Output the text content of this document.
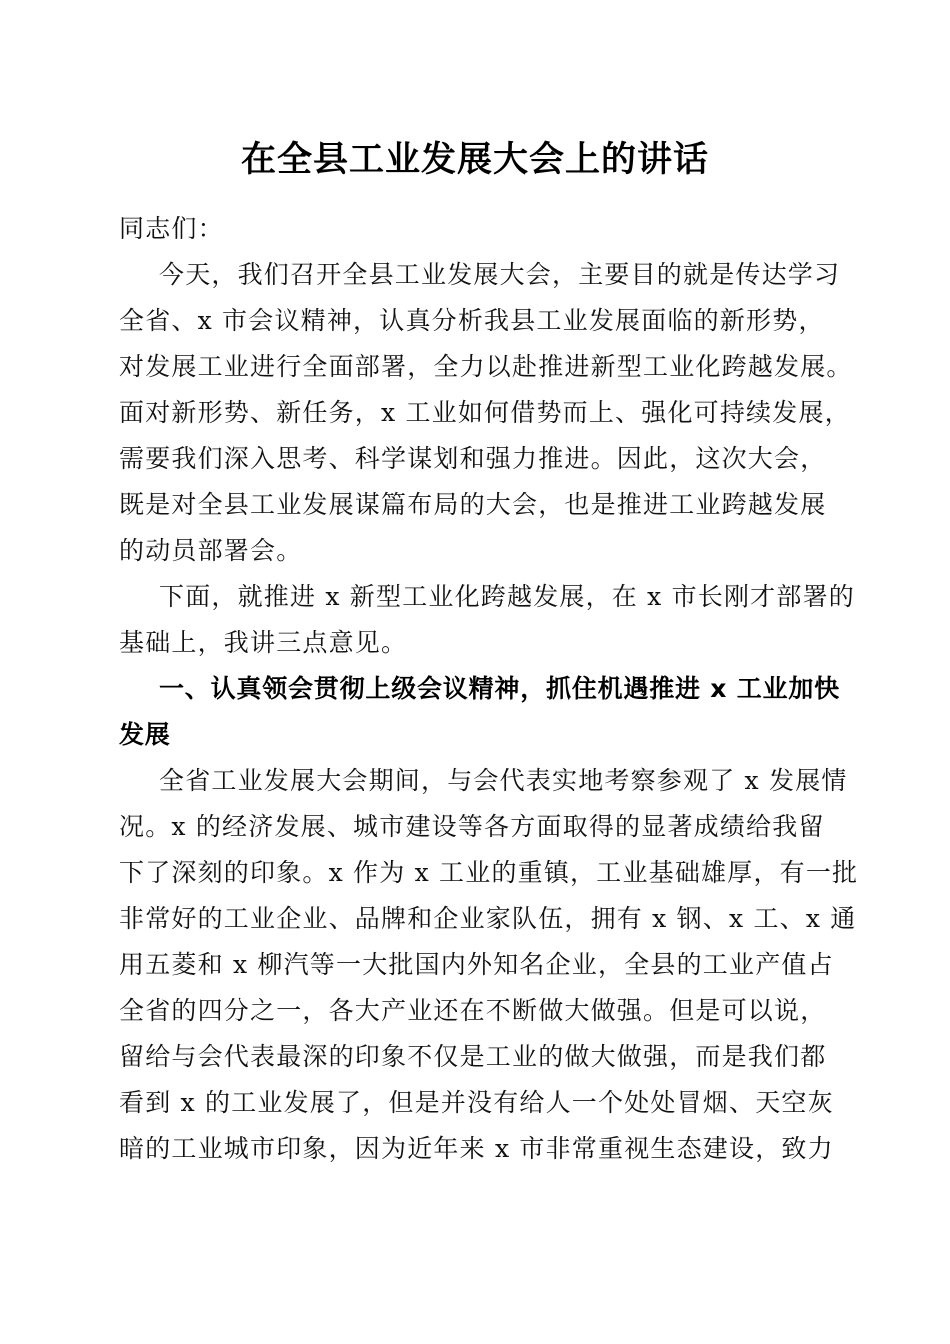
在全县工业发展大会上的讲话
同志们：
今天，我们召开全县工业发展大会，主要目的就是传达学习
全省、x 市会议精神，认真分析我县工业发展面临的新形势，
对发展工业进行全面部署，全力以赴推进新型工业化跨越发展。
面对新形势、新任务，x 工业如何借势而上、强化可持续发展，
需要我们深入思考、科学谋划和强力推进。因此，这次大会，
既是对全县工业发展谋篇布局的大会，也是推进工业跨越发展
的动员部署会。
下面，就推进 x 新型工业化跨越发展，在 x 市长刚才部署的
基础上，我讲三点意见。
一、认真领会贯彻上级会议精神，抓住机遇推进 x 工业加快
发展
全省工业发展大会期间，与会代表实地考察参观了 x 发展情
况。x 的经济发展、城市建设等各方面取得的显著成绩给我留
下了深刻的印象。x 作为 x 工业的重镇，工业基础雄厚，有一批
非常好的工业企业、品牌和企业家队伍，拥有 x 钢、x 工、x 通
用五菱和 x 柳汽等一大批国内外知名企业，全县的工业产值占
全省的四分之一，各大产业还在不断做大做强。但是可以说，
留给与会代表最深的印象不仅是工业的做大做强，而是我们都
看到 x 的工业发展了，但是并没有给人一个处处冒烟、天空灰
暗的工业城市印象，因为近年来 x 市非常重视生态建设，致力
